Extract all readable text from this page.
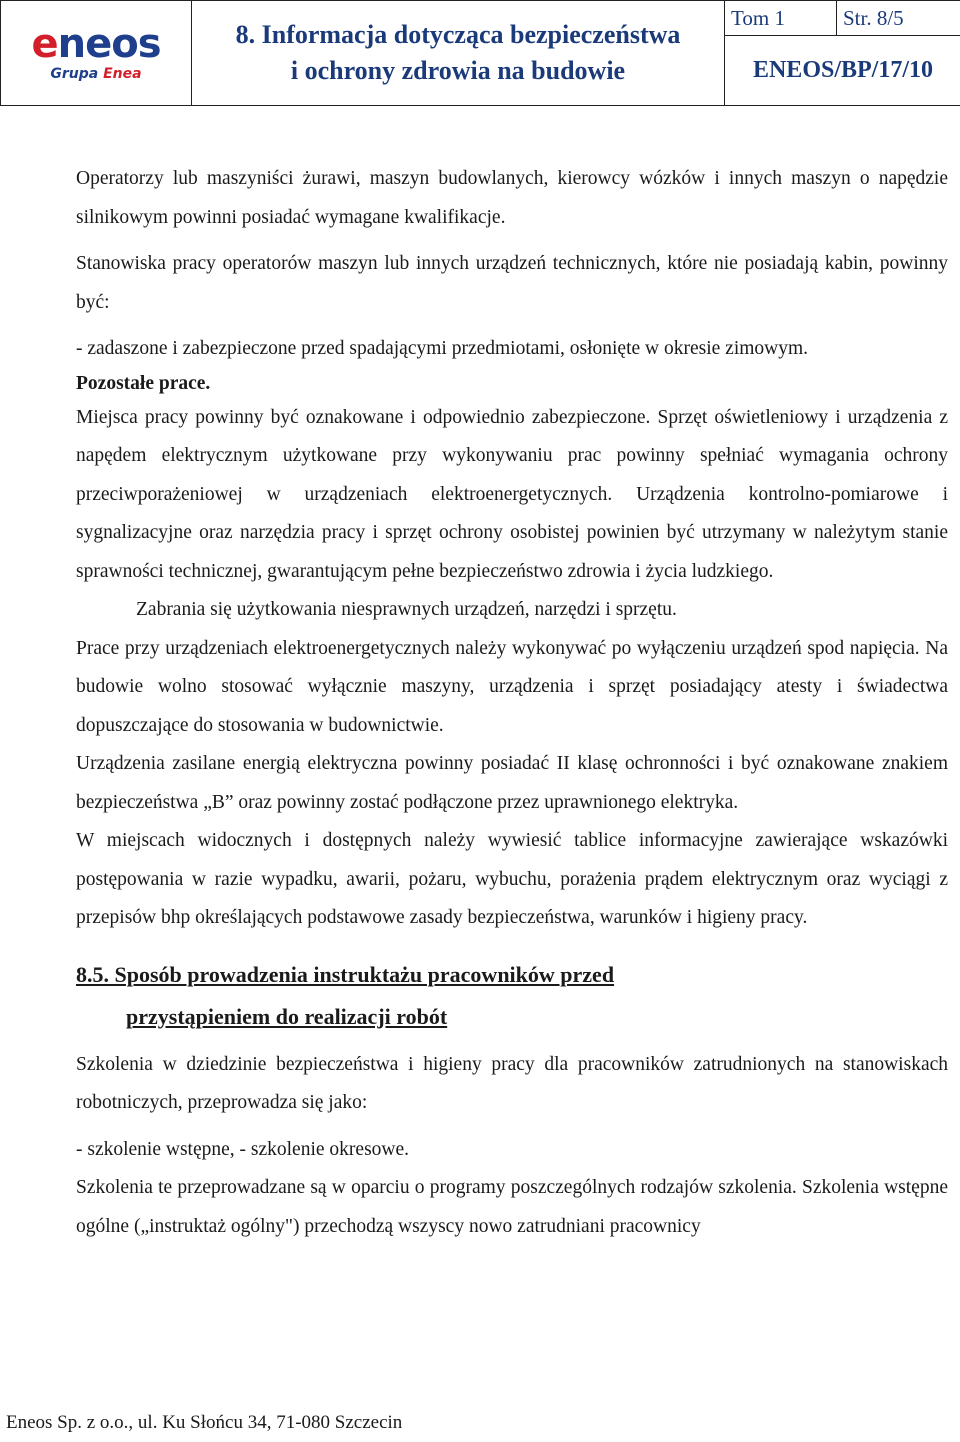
eneos
Grupa Enea

8. Informacja dotycząca bezpieczeństwa
i ochrony zdrowia na budowie

Tom 1	Str. 8/5
ENEOS/BP/17/10

Operatorzy lub maszyniści żurawi, maszyn budowlanych, kierowcy wózków i innych maszyn o napędzie silnikowym powinni posiadać wymagane kwalifikacje.

Stanowiska pracy operatorów maszyn lub innych urządzeń technicznych, które nie posiadają kabin, powinny być:

- zadaszone i zabezpieczone przed spadającymi przedmiotami, osłonięte w okresie zimowym.

Pozostałe prace.

Miejsca pracy powinny być oznakowane i odpowiednio zabezpieczone. Sprzęt oświetleniowy i urządzenia z napędem elektrycznym użytkowane przy wykonywaniu prac powinny spełniać wymagania ochrony przeciwporażeniowej w urządzeniach elektroenergetycznych. Urządzenia kontrolno-pomiarowe i sygnalizacyjne oraz narzędzia pracy i sprzęt ochrony osobistej powinien być utrzymany w należytym stanie sprawności technicznej, gwarantującym pełne bezpieczeństwo zdrowia i życia ludzkiego.

Zabrania się użytkowania niesprawnych urządzeń, narzędzi i sprzętu.

Prace przy urządzeniach elektroenergetycznych należy wykonywać po wyłączeniu urządzeń spod napięcia. Na budowie wolno stosować wyłącznie maszyny, urządzenia i sprzęt posiadający atesty i świadectwa dopuszczające do stosowania w budownictwie.

Urządzenia zasilane energią elektryczna powinny posiadać II klasę ochronności i być oznakowane znakiem bezpieczeństwa „B” oraz powinny zostać podłączone przez uprawnionego elektryka.

W miejscach widocznych i dostępnych należy wywiesić tablice informacyjne zawierające wskazówki postępowania w razie wypadku, awarii, pożaru, wybuchu, porażenia prądem elektrycznym oraz wyciągi z przepisów bhp określających podstawowe zasady bezpieczeństwa, warunków i higieny pracy.

8.5. Sposób prowadzenia instruktażu pracowników przed

przystąpieniem do realizacji robót

Szkolenia w dziedzinie bezpieczeństwa i higieny pracy dla pracowników zatrudnionych na stanowiskach robotniczych, przeprowadza się jako:

- szkolenie wstępne, - szkolenie okresowe.

Szkolenia te przeprowadzane są w oparciu o programy poszczególnych rodzajów szkolenia. Szkolenia wstępne ogólne („instruktaż ogólny") przechodzą wszyscy nowo zatrudniani pracownicy

Eneos Sp. z o.o., ul. Ku Słońcu 34, 71-080 Szczecin
